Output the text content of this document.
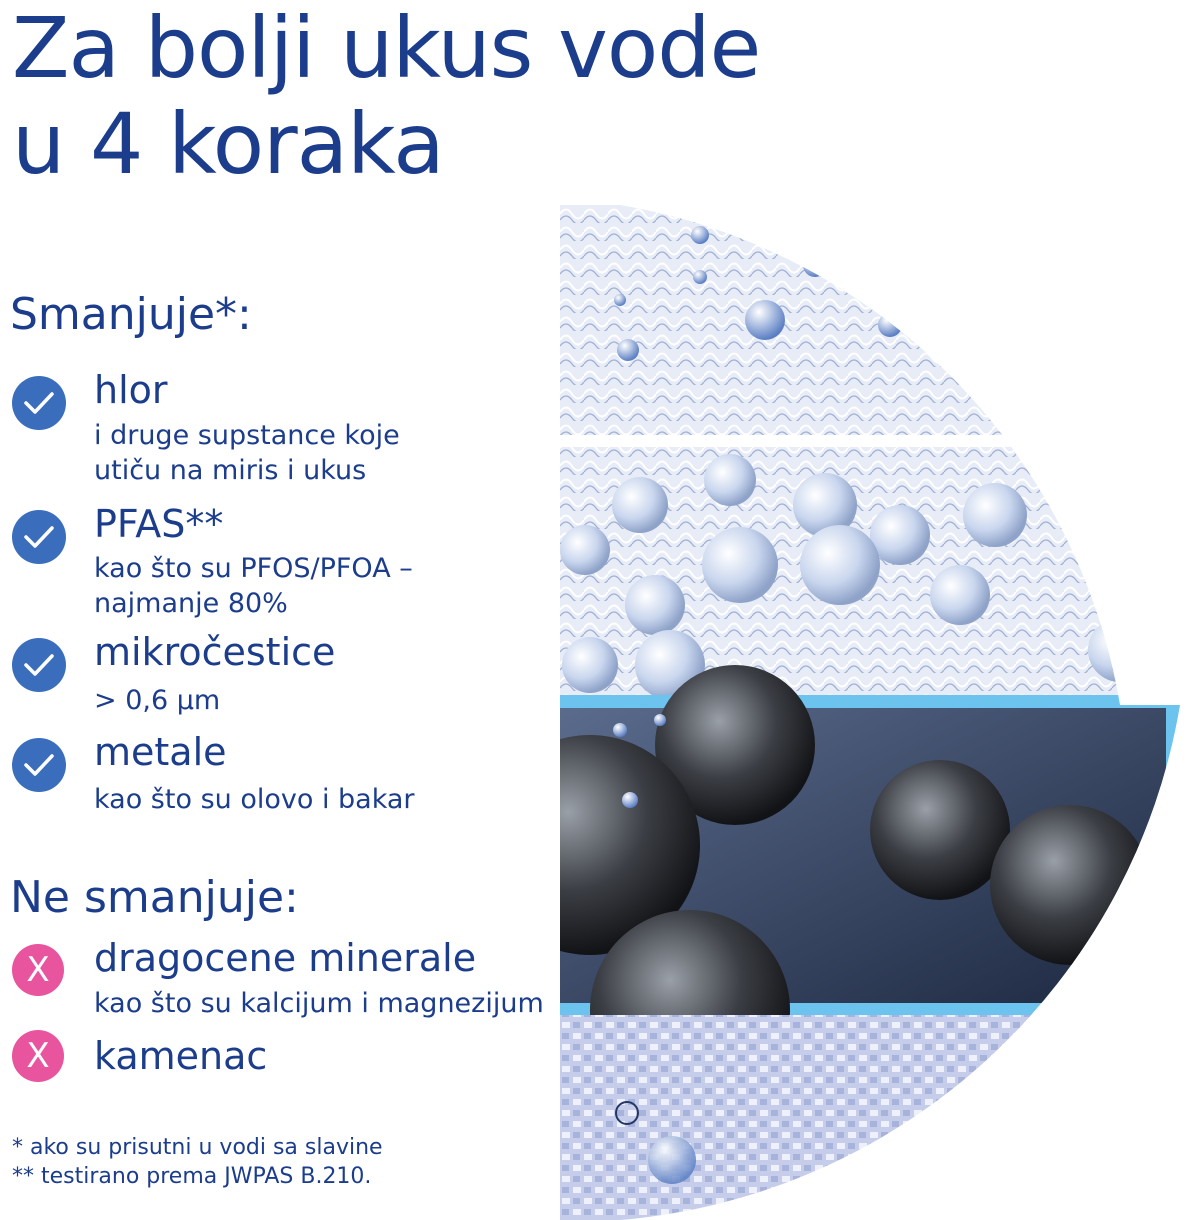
Za bolji ukus vode
u 4 koraka
Smanjuje*:
hlor
i druge supstance koje
utiču na miris i ukus
PFAS**
kao što su PFOS/PFOA –
najmanje 80%
mikročestice
> 0,6 µm
metale
kao što su olovo i bakar
Ne smanjuje:
X	dragocene minerale
kao što su kalcijum i magnezijum
X	kamenac
* ako su prisutni u vodi sa slavine
** testirano prema JWPAS B.210.
